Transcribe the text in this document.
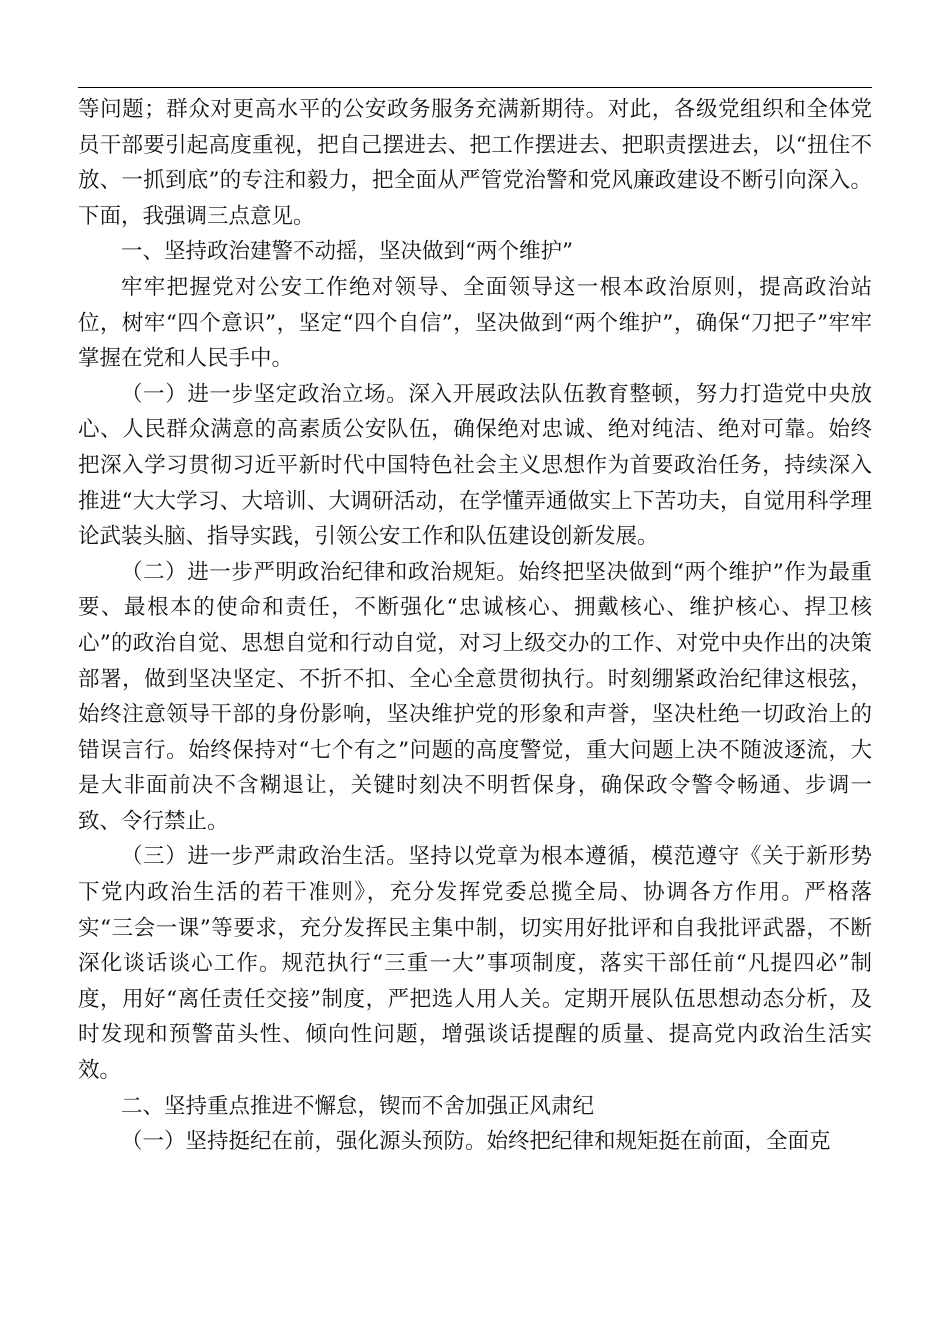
等问题；群众对更高水平的公安政务服务充满新期待。对此，各级党组织和全体党员干部要引起高度重视，把自己摆进去、把工作摆进去、把职责摆进去，以“扭住不放、一抓到底”的专注和毅力，把全面从严管党治警和党风廉政建设不断引向深入。下面，我强调三点意见。

一、坚持政治建警不动摇，坚决做到“两个维护”

牢牢把握党对公安工作绝对领导、全面领导这一根本政治原则，提高政治站位，树牢“四个意识”，坚定“四个自信”，坚决做到“两个维护”，确保“刀把子”牢牢掌握在党和人民手中。

（一）进一步坚定政治立场。深入开展政法队伍教育整顿，努力打造党中央放心、人民群众满意的高素质公安队伍，确保绝对忠诚、绝对纯洁、绝对可靠。始终把深入学习贯彻习近平新时代中国特色社会主义思想作为首要政治任务，持续深入推进“大大学习、大培训、大调研活动，在学懂弄通做实上下苦功夫，自觉用科学理论武装头脑、指导实践，引领公安工作和队伍建设创新发展。

（二）进一步严明政治纪律和政治规矩。始终把坚决做到“两个维护”作为最重要、最根本的使命和责任，不断强化“忠诚核心、拥戴核心、维护核心、捍卫核心”的政治自觉、思想自觉和行动自觉，对习上级交办的工作、对党中央作出的决策部署，做到坚决坚定、不折不扣、全心全意贯彻执行。时刻绷紧政治纪律这根弦，始终注意领导干部的身份影响，坚决维护党的形象和声誉，坚决杜绝一切政治上的错误言行。始终保持对“七个有之”问题的高度警觉，重大问题上决不随波逐流，大是大非面前决不含糊退让，关键时刻决不明哲保身，确保政令警令畅通、步调一致、令行禁止。

（三）进一步严肃政治生活。坚持以党章为根本遵循，模范遵守《关于新形势下党内政治生活的若干准则》，充分发挥党委总揽全局、协调各方作用。严格落实“三会一课”等要求，充分发挥民主集中制，切实用好批评和自我批评武器，不断深化谈话谈心工作。规范执行“三重一大”事项制度，落实干部任前“凡提四必”制度，用好“离任责任交接”制度，严把选人用人关。定期开展队伍思想动态分析，及时发现和预警苗头性、倾向性问题，增强谈话提醒的质量、提高党内政治生活实效。

二、坚持重点推进不懈怠，锲而不舍加强正风肃纪

（一）坚持挺纪在前，强化源头预防。始终把纪律和规矩挺在前面，全面克
